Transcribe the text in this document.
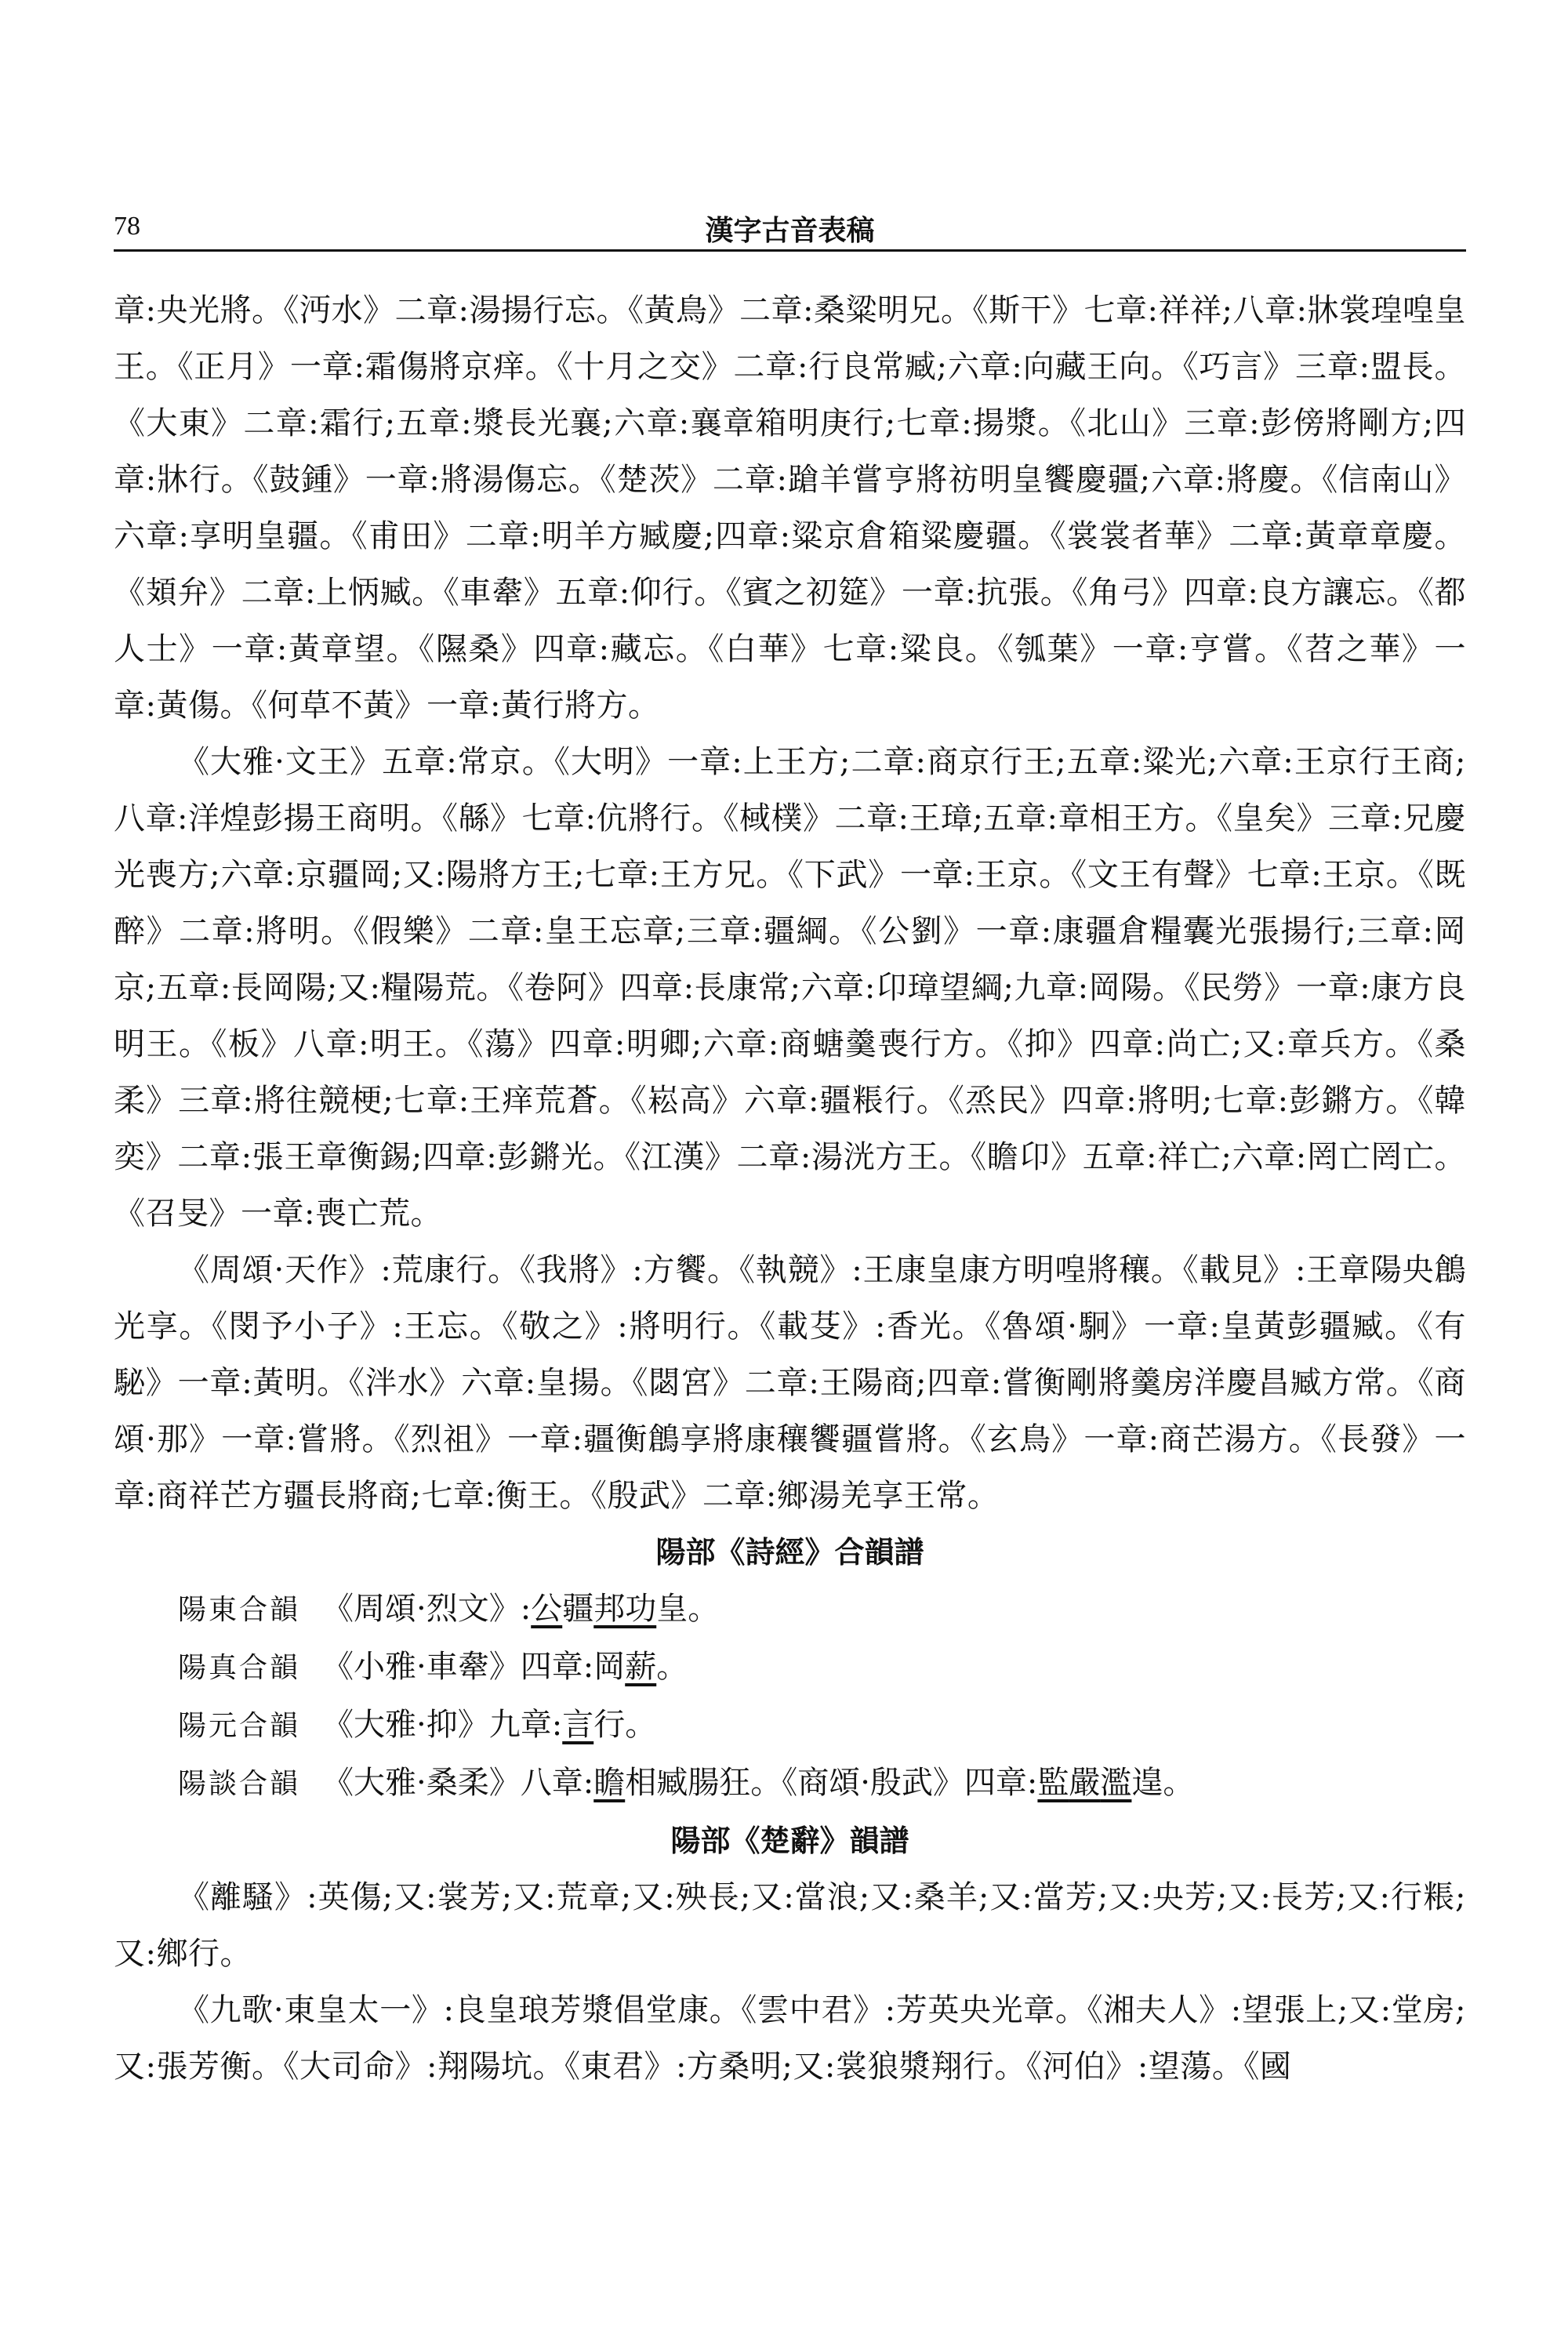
78	漢字古音表稿

章:央光將。《沔水》二章:湯揚行忘。《黃鳥》二章:桑粱明兄。《斯干》七章:祥祥;八章:牀裳瑝喤皇王。《正月》一章:霜傷將京痒。《十月之交》二章:行良常臧;六章:向藏王向。《巧言》三章:盟長。《大東》二章:霜行;五章:漿長光襄;六章:襄章箱明庚行;七章:揚漿。《北山》三章:彭傍將剛方;四章:牀行。《鼓鍾》一章:將湯傷忘。《楚茨》二章:蹌羊嘗亨將祊明皇饗慶疆;六章:將慶。《信南山》六章:享明皇疆。《甫田》二章:明羊方臧慶;四章:粱京倉箱粱慶疆。《裳裳者華》二章:黃章章慶。《頍弁》二章:上怲臧。《車舝》五章:仰行。《賓之初筵》一章:抗張。《角弓》四章:良方讓忘。《都人士》一章:黃章望。《隰桑》四章:藏忘。《白華》七章:粱良。《瓠葉》一章:亨嘗。《苕之華》一章:黃傷。《何草不黃》一章:黃行將方。

《大雅·文王》五章:常京。《大明》一章:上王方;二章:商京行王;五章:粱光;六章:王京行王商;八章:洋煌彭揚王商明。《緜》七章:伉將行。《棫樸》二章:王璋;五章:章相王方。《皇矣》三章:兄慶光喪方;六章:京疆岡;又:陽將方王;七章:王方兄。《下武》一章:王京。《文王有聲》七章:王京。《既醉》二章:將明。《假樂》二章:皇王忘章;三章:疆綱。《公劉》一章:康疆倉糧囊光張揚行;三章:岡京;五章:長岡陽;又:糧陽荒。《卷阿》四章:長康常;六章:卬璋望綱;九章:岡陽。《民勞》一章:康方良明王。《板》八章:明王。《蕩》四章:明卿;六章:商螗羹喪行方。《抑》四章:尚亡;又:章兵方。《桑柔》三章:將往競梗;七章:王痒荒蒼。《崧高》六章:疆粻行。《烝民》四章:將明;七章:彭鏘方。《韓奕》二章:張王章衡錫;四章:彭鏘光。《江漢》二章:湯洸方王。《瞻卬》五章:祥亡;六章:罔亡罔亡。《召旻》一章:喪亡荒。

《周頌·天作》:荒康行。《我將》:方饗。《執競》:王康皇康方明喤將穰。《載見》:王章陽央鶬光享。《閔予小子》:王忘。《敬之》:將明行。《載芟》:香光。《魯頌·駉》一章:皇黃彭疆臧。《有駜》一章:黃明。《泮水》六章:皇揚。《閟宮》二章:王陽商;四章:嘗衡剛將羹房洋慶昌臧方常。《商頌·那》一章:嘗將。《烈祖》一章:疆衡鶬享將康穰饗疆嘗將。《玄鳥》一章:商芒湯方。《長發》一章:商祥芒方疆長將商;七章:衡王。《殷武》二章:鄉湯羌享王常。

陽部《詩經》合韻譜

陽東合韻 《周頌·烈文》:公疆邦功皇。

陽真合韻 《小雅·車舝》四章:岡薪。

陽元合韻 《大雅·抑》九章:言行。

陽談合韻 《大雅·桑柔》八章:瞻相臧腸狂。《商頌·殷武》四章:監嚴濫遑。

陽部《楚辭》韻譜

《離騷》:英傷;又:裳芳;又:荒章;又:殃長;又:當浪;又:桑羊;又:當芳;又:央芳;又:長芳;又:行粻;又:鄉行。

《九歌·東皇太一》:良皇琅芳漿倡堂康。《雲中君》:芳英央光章。《湘夫人》:望張上;又:堂房;又:張芳衡。《大司命》:翔陽坑。《東君》:方桑明;又:裳狼漿翔行。《河伯》:望蕩。《國
